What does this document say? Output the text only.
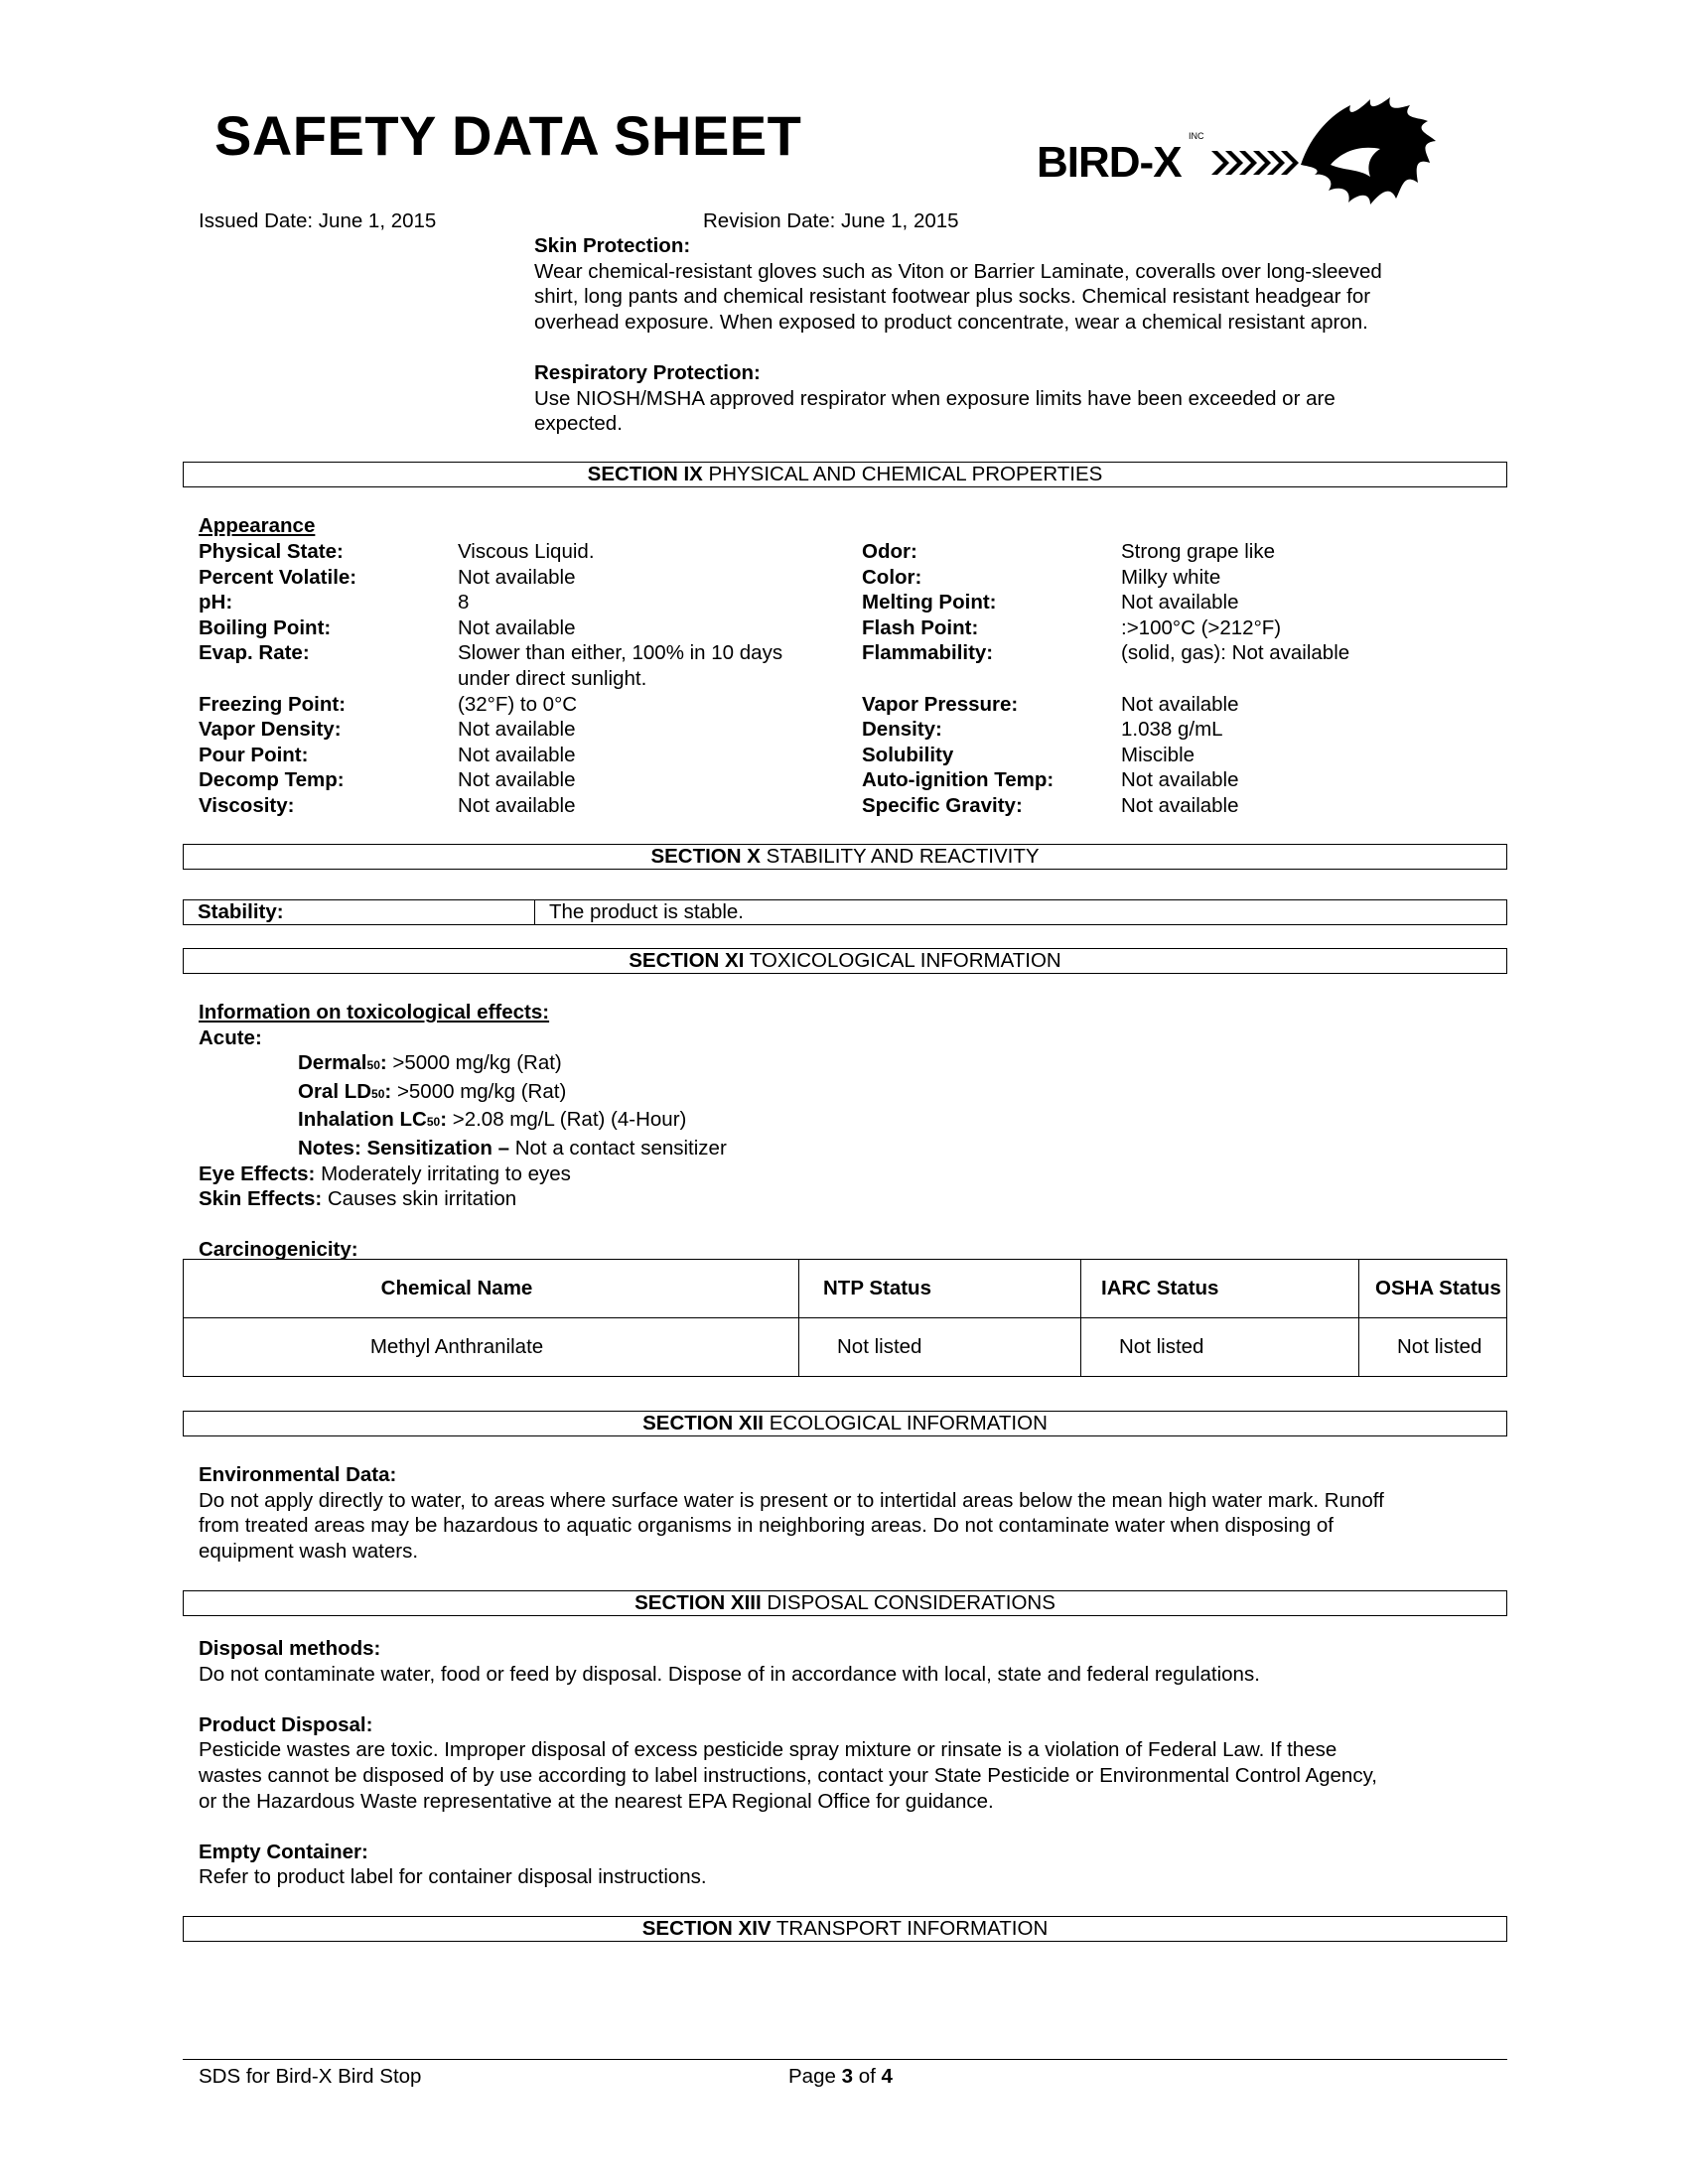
SAFETY DATA SHEET	BIRD-X
INC
Issued Date: June 1, 2015	Revision Date: June 1, 2015
Skin Protection:
Wear chemical-resistant gloves such as Viton or Barrier Laminate, coveralls over long-sleeved
shirt, long pants and chemical resistant footwear plus socks. Chemical resistant headgear for
overhead exposure. When exposed to product concentrate, wear a chemical resistant apron.
Respiratory Protection:
Use NIOSH/MSHA approved respirator when exposure limits have been exceeded or are
expected.
SECTION IX PHYSICAL AND CHEMICAL PROPERTIES
Appearance
Physical State:	Viscous Liquid.	Odor:	Strong grape like
Percent Volatile:	Not available	Color:	Milky white
pH:	8	Melting Point:	Not available
Boiling Point:	Not available	Flash Point:	:>100°C (>212°F)
Evap. Rate:	Slower than either, 100% in 10 days	Flammability:	(solid, gas): Not available
under direct sunlight.
Freezing Point:	(32°F) to 0°C	Vapor Pressure:	Not available
Vapor Density:	Not available	Density:	1.038 g/mL
Pour Point:	Not available	Solubility	Miscible
Decomp Temp:	Not available	Auto-ignition Temp:	Not available
Viscosity:	Not available	Specific Gravity:	Not available
SECTION X STABILITY AND REACTIVITY
Stability:	The product is stable.
SECTION XI TOXICOLOGICAL INFORMATION
Information on toxicological effects:
Acute:
Dermal50: >5000 mg/kg (Rat)
Oral LD50: >5000 mg/kg (Rat)
Inhalation LC50: >2.08 mg/L (Rat) (4-Hour)
Notes: Sensitization – Not a contact sensitizer
Eye Effects: Moderately irritating to eyes
Skin Effects: Causes skin irritation
Carcinogenicity:
Chemical Name	NTP Status	IARC Status	OSHA Status
Methyl Anthranilate	Not listed	Not listed	Not listed
SECTION XII ECOLOGICAL INFORMATION
Environmental Data:
Do not apply directly to water, to areas where surface water is present or to intertidal areas below the mean high water mark. Runoff
from treated areas may be hazardous to aquatic organisms in neighboring areas. Do not contaminate water when disposing of
equipment wash waters.
SECTION XIII DISPOSAL CONSIDERATIONS
Disposal methods:
Do not contaminate water, food or feed by disposal. Dispose of in accordance with local, state and federal regulations.
Product Disposal:
Pesticide wastes are toxic. Improper disposal of excess pesticide spray mixture or rinsate is a violation of Federal Law. If these
wastes cannot be disposed of by use according to label instructions, contact your State Pesticide or Environmental Control Agency,
or the Hazardous Waste representative at the nearest EPA Regional Office for guidance.
Empty Container:
Refer to product label for container disposal instructions.
SECTION XIV TRANSPORT INFORMATION
SDS for Bird-X Bird Stop	Page 3 of 4
